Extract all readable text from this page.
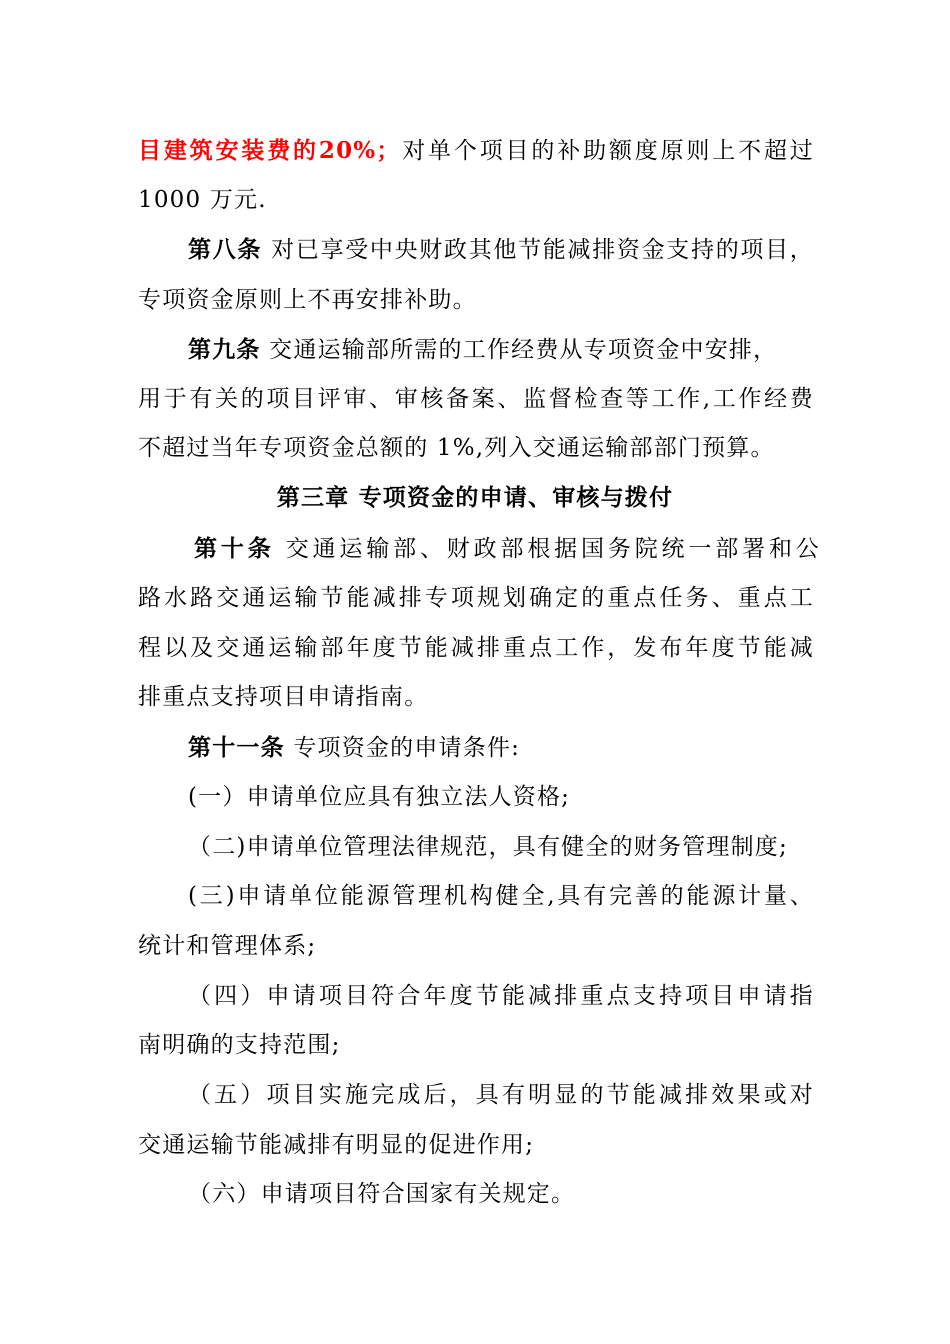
目建筑安装费的20%；对单个项目的补助额度原则上不超过
1000 万元.
第八条 对已享受中央财政其他节能减排资金支持的项目，
专项资金原则上不再安排补助。
第九条 交通运输部所需的工作经费从专项资金中安排，
用于有关的项目评审、审核备案、监督检查等工作,工作经费
不超过当年专项资金总额的 1%,列入交通运输部部门预算。
第三章 专项资金的申请、审核与拨付
第十条 交通运输部、财政部根据国务院统一部署和公
路水路交通运输节能减排专项规划确定的重点任务、重点工
程以及交通运输部年度节能减排重点工作，发布年度节能减
排重点支持项目申请指南。
第十一条 专项资金的申请条件:
(一）申请单位应具有独立法人资格;
（二)申请单位管理法律规范，具有健全的财务管理制度;
(三)申请单位能源管理机构健全,具有完善的能源计量、
统计和管理体系;
（四）申请项目符合年度节能减排重点支持项目申请指
南明确的支持范围;
（五）项目实施完成后，具有明显的节能减排效果或对
交通运输节能减排有明显的促进作用;
（六）申请项目符合国家有关规定。
